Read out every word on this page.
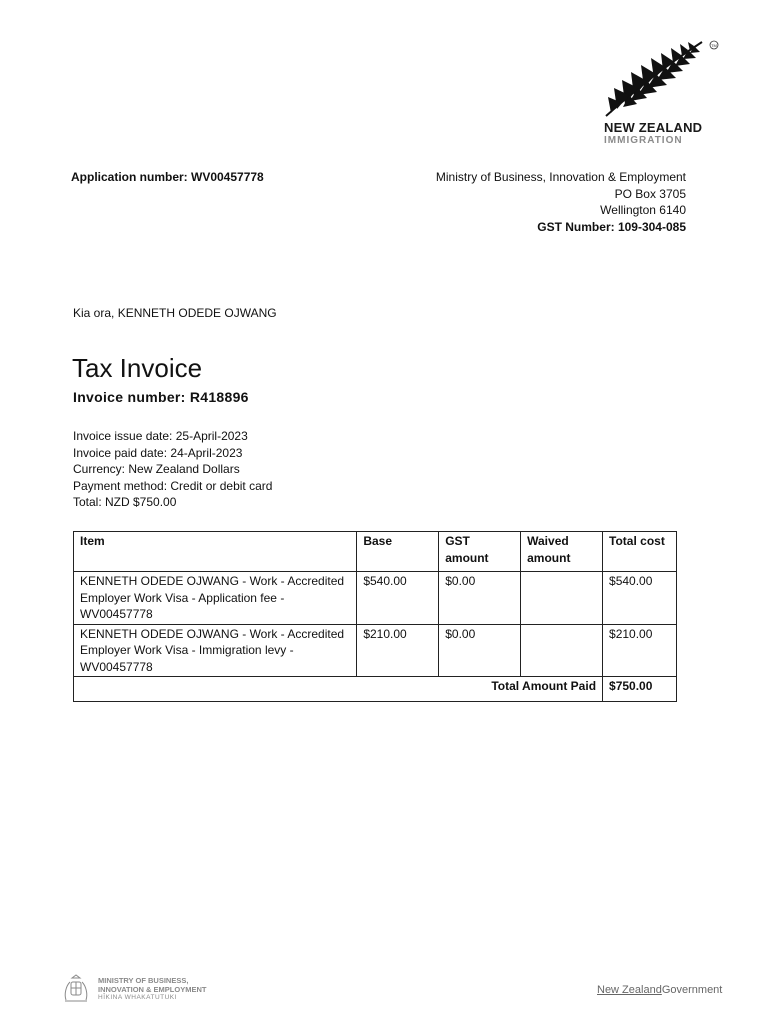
TM
NEW ZEALAND
IMMIGRATION
Application number: WV00457778	Ministry of Business, Innovation & Employment
PO Box 3705
Wellington 6140
GST Number: 109-304-085
Kia ora, KENNETH ODEDE OJWANG
Tax Invoice
Invoice number: R418896
Invoice issue date: 25-April-2023
Invoice paid date: 24-April-2023
Currency: New Zealand Dollars
Payment method: Credit or debit card
Total: NZD $750.00
Item	Base	GST amount	Waived amount	Total cost
KENNETH ODEDE OJWANG - Work - Accredited Employer Work Visa - Application fee - WV00457778	$540.00	$0.00		$540.00
KENNETH ODEDE OJWANG - Work - Accredited Employer Work Visa - Immigration levy - WV00457778	$210.00	$0.00		$210.00
Total Amount Paid				$750.00
MINISTRY OF BUSINESS,
INNOVATION & EMPLOYMENT
HĪKINA WHAKATUTUKI
New ZealandGovernment
